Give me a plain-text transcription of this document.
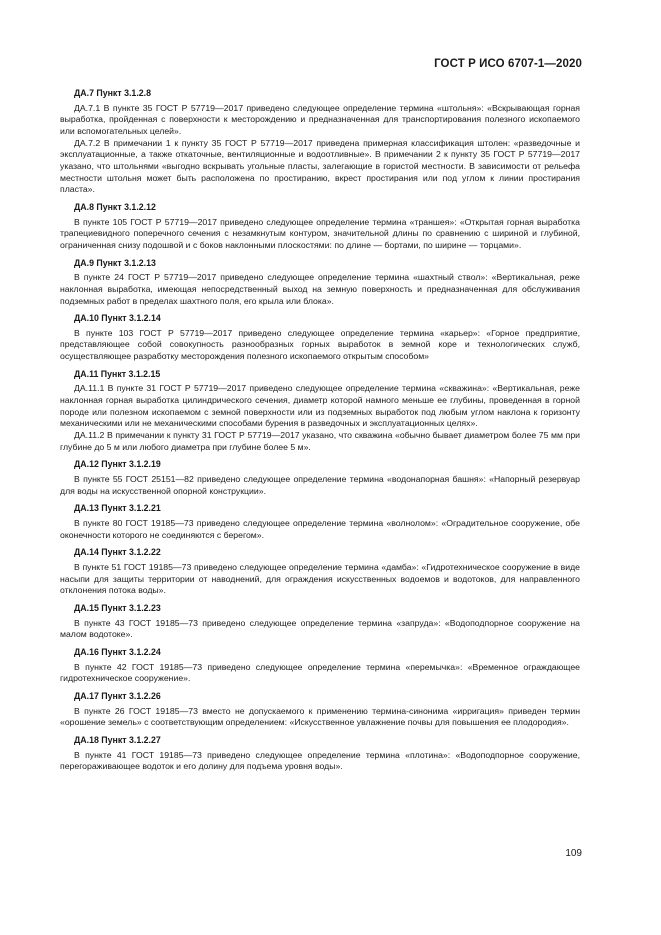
ГОСТ Р ИСО 6707-1—2020
ДА.7 Пункт 3.1.2.8

ДА.7.1 В пункте 35 ГОСТ Р 57719—2017 приведено следующее определение термина «штольня»: «Вскрывающая горная выработка, пройденная с поверхности к месторождению и предназначенная для транспортирования полезного ископаемого или вспомогательных целей».

ДА.7.2 В примечании 1 к пункту 35 ГОСТ Р 57719—2017 приведена примерная классификация штолен: «разведочные и эксплуатационные, а также откаточные, вентиляционные и водоотливные». В примечании 2 к пункту 35 ГОСТ Р 57719—2017 указано, что штольнями «выгодно вскрывать угольные пласты, залегающие в гористой местности. В зависимости от рельефа местности штольня может быть расположена по простиранию, вкрест простирания или под углом к линии простирания пласта».

ДА.8 Пункт 3.1.2.12

В пункте 105 ГОСТ Р 57719—2017 приведено следующее определение термина «траншея»: «Открытая горная выработка трапециевидного поперечного сечения с незамкнутым контуром, значительной длины по сравнению с шириной и глубиной, ограниченная снизу подошвой и с боков наклонными плоскостями: по длине — бортами, по ширине — торцами».

ДА.9 Пункт 3.1.2.13

В пункте 24 ГОСТ Р 57719—2017 приведено следующее определение термина «шахтный ствол»: «Вертикальная, реже наклонная выработка, имеющая непосредственный выход на земную поверхность и предназначенная для обслуживания подземных работ в пределах шахтного поля, его крыла или блока».

ДА.10 Пункт 3.1.2.14

В пункте 103 ГОСТ Р 57719—2017 приведено следующее определение термина «карьер»: «Горное предприятие, представляющее собой совокупность разнообразных горных выработок в земной коре и технологических служб, осуществляющее разработку месторождения полезного ископаемого открытым способом»

ДА.11 Пункт 3.1.2.15

ДА.11.1 В пункте 31 ГОСТ Р 57719—2017 приведено следующее определение термина «скважина»: «Вертикальная, реже наклонная горная выработка цилиндрического сечения, диаметр которой намного меньше ее глубины, проведенная в горной породе или полезном ископаемом с земной поверхности или из подземных выработок под любым углом наклона к горизонту механическими или не механическими способами бурения в разведочных и эксплуатационных целях».

ДА.11.2 В примечании к пункту 31 ГОСТ Р 57719—2017 указано, что скважина «обычно бывает диаметром более 75 мм при глубине до 5 м или любого диаметра при глубине более 5 м».

ДА.12 Пункт 3.1.2.19

В пункте 55 ГОСТ 25151—82 приведено следующее определение термина «водонапорная башня»: «Напорный резервуар для воды на искусственной опорной конструкции».

ДА.13 Пункт 3.1.2.21

В пункте 80 ГОСТ 19185—73 приведено следующее определение термина «волнолом»: «Оградительное сооружение, обе оконечности которого не соединяются с берегом».

ДА.14 Пункт 3.1.2.22

В пункте 51 ГОСТ 19185—73 приведено следующее определение термина «дамба»: «Гидротехническое сооружение в виде насыпи для защиты территории от наводнений, для ограждения искусственных водоемов и водотоков, для направленного отклонения потока воды».

ДА.15 Пункт 3.1.2.23

В пункте 43 ГОСТ 19185—73 приведено следующее определение термина «запруда»: «Водоподпорное сооружение на малом водотоке».

ДА.16 Пункт 3.1.2.24

В пункте 42 ГОСТ 19185—73 приведено следующее определение термина «перемычка»: «Временное ограждающее гидротехническое сооружение».

ДА.17 Пункт 3.1.2.26

В пункте 26 ГОСТ 19185—73 вместо не допускаемого к применению термина-синонима «ирригация» приведен термин «орошение земель» с соответствующим определением: «Искусственное увлажнение почвы для повышения ее плодородия».

ДА.18 Пункт 3.1.2.27

В пункте 41 ГОСТ 19185—73 приведено следующее определение термина «плотина»: «Водоподпорное сооружение, перегораживающее водоток и его долину для подъема уровня воды».

109
